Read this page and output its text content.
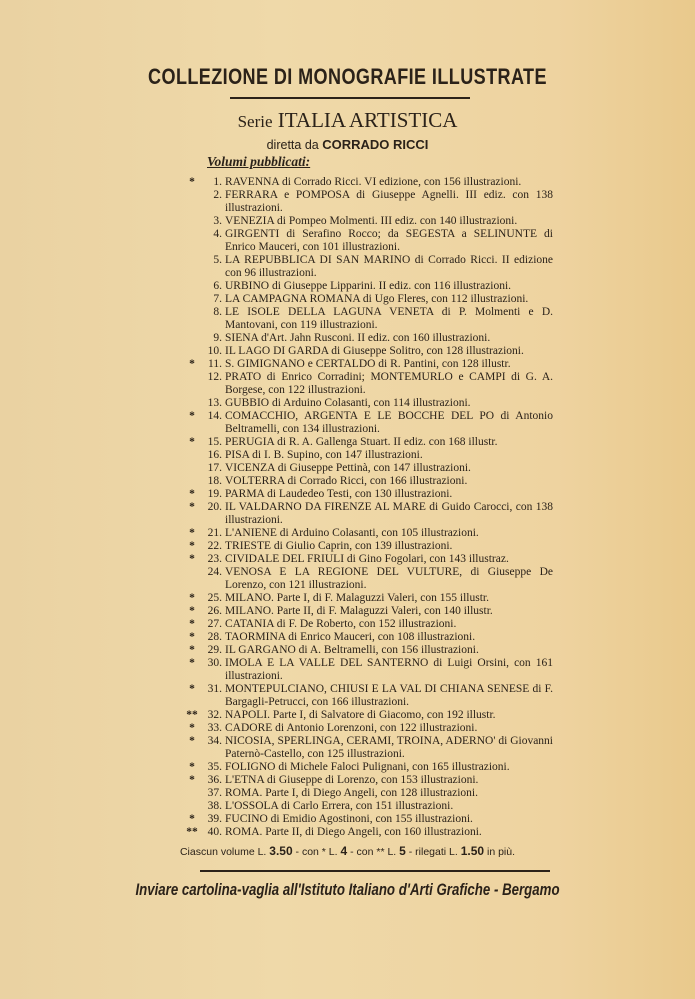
COLLEZIONE DI MONOGRAFIE ILLUSTRATE
Serie ITALIA ARTISTICA
diretta da CORRADO RICCI
Volumi pubblicati:
*	1. RAVENNA di Corrado Ricci. VI edizione, con 156 illustrazioni.
2. FERRARA e POMPOSA di Giuseppe Agnelli. III ediz. con 138 illustrazioni.
3. VENEZIA di Pompeo Molmenti. III ediz. con 140 illustrazioni.
4. GIRGENTI di Serafino Rocco; da SEGESTA a SELINUNTE di Enrico Mauceri, con 101 illustrazioni.
5. LA REPUBBLICA DI SAN MARINO di Corrado Ricci. II edizione con 96 illustrazioni.
6. URBINO di Giuseppe Lipparini. II ediz. con 116 illustrazioni.
7. LA CAMPAGNA ROMANA di Ugo Fleres, con 112 illustrazioni.
8. LE ISOLE DELLA LAGUNA VENETA di P. Molmenti e D. Mantovani, con 119 illustrazioni.
9. SIENA d'Art. Jahn Rusconi. II ediz. con 160 illustrazioni.
10. IL LAGO DI GARDA di Giuseppe Solitro, con 128 illustrazioni.
*	11. S. GIMIGNANO e CERTALDO di R. Pantini, con 128 illustr.
12. PRATO di Enrico Corradini; MONTEMURLO e CAMPI di G. A. Borgese, con 122 illustrazioni.
13. GUBBIO di Arduino Colasanti, con 114 illustrazioni.
*	14. COMACCHIO, ARGENTA E LE BOCCHE DEL PO di Antonio Beltramelli, con 134 illustrazioni.
*	15. PERUGIA di R. A. Gallenga Stuart. II ediz. con 168 illustr.
16. PISA di I. B. Supino, con 147 illustrazioni.
17. VICENZA di Giuseppe Pettinà, con 147 illustrazioni.
18. VOLTERRA di Corrado Ricci, con 166 illustrazioni.
*	19. PARMA di Laudedeo Testi, con 130 illustrazioni.
*	20. IL VALDARNO DA FIRENZE AL MARE di Guido Carocci, con 138 illustrazioni.
*	21. L'ANIENE di Arduino Colasanti, con 105 illustrazioni.
*	22. TRIESTE di Giulio Caprin, con 139 illustrazioni.
*	23. CIVIDALE DEL FRIULI di Gino Fogolari, con 143 illustraz.
24. VENOSA E LA REGIONE DEL VULTURE, di Giuseppe De Lorenzo, con 121 illustrazioni.
*	25. MILANO. Parte I, di F. Malaguzzi Valeri, con 155 illustr.
*	26. MILANO. Parte II, di F. Malaguzzi Valeri, con 140 illustr.
*	27. CATANIA di F. De Roberto, con 152 illustrazioni.
*	28. TAORMINA di Enrico Mauceri, con 108 illustrazioni.
*	29. IL GARGANO di A. Beltramelli, con 156 illustrazioni.
*	30. IMOLA E LA VALLE DEL SANTERNO di Luigi Orsini, con 161 illustrazioni.
*	31. MONTEPULCIANO, CHIUSI E LA VAL DI CHIANA SENESE di F. Bargagli-Petrucci, con 166 illustrazioni.
** 32. NAPOLI. Parte I, di Salvatore di Giacomo, con 192 illustr.
*	33. CADORE di Antonio Lorenzoni, con 122 illustrazioni.
*	34. NICOSIA, SPERLINGA, CERAMI, TROINA, ADERNO' di Giovanni Paternò-Castello, con 125 illustrazioni.
*	35. FOLIGNO di Michele Faloci Pulignani, con 165 illustrazioni.
*	36. L'ETNA di Giuseppe di Lorenzo, con 153 illustrazioni.
37. ROMA. Parte I, di Diego Angeli, con 128 illustrazioni.
38. L'OSSOLA di Carlo Errera, con 151 illustrazioni.
*	39. FUCINO di Emidio Agostinoni, con 155 illustrazioni.
** 40. ROMA. Parte II, di Diego Angeli, con 160 illustrazioni.
Ciascun volume L. 3.50 - con * L. 4 - con ** L. 5 - rilegati L. 1.50 in più.
Inviare cartolina-vaglia all'Istituto Italiano d'Arti Grafiche - Bergamo
